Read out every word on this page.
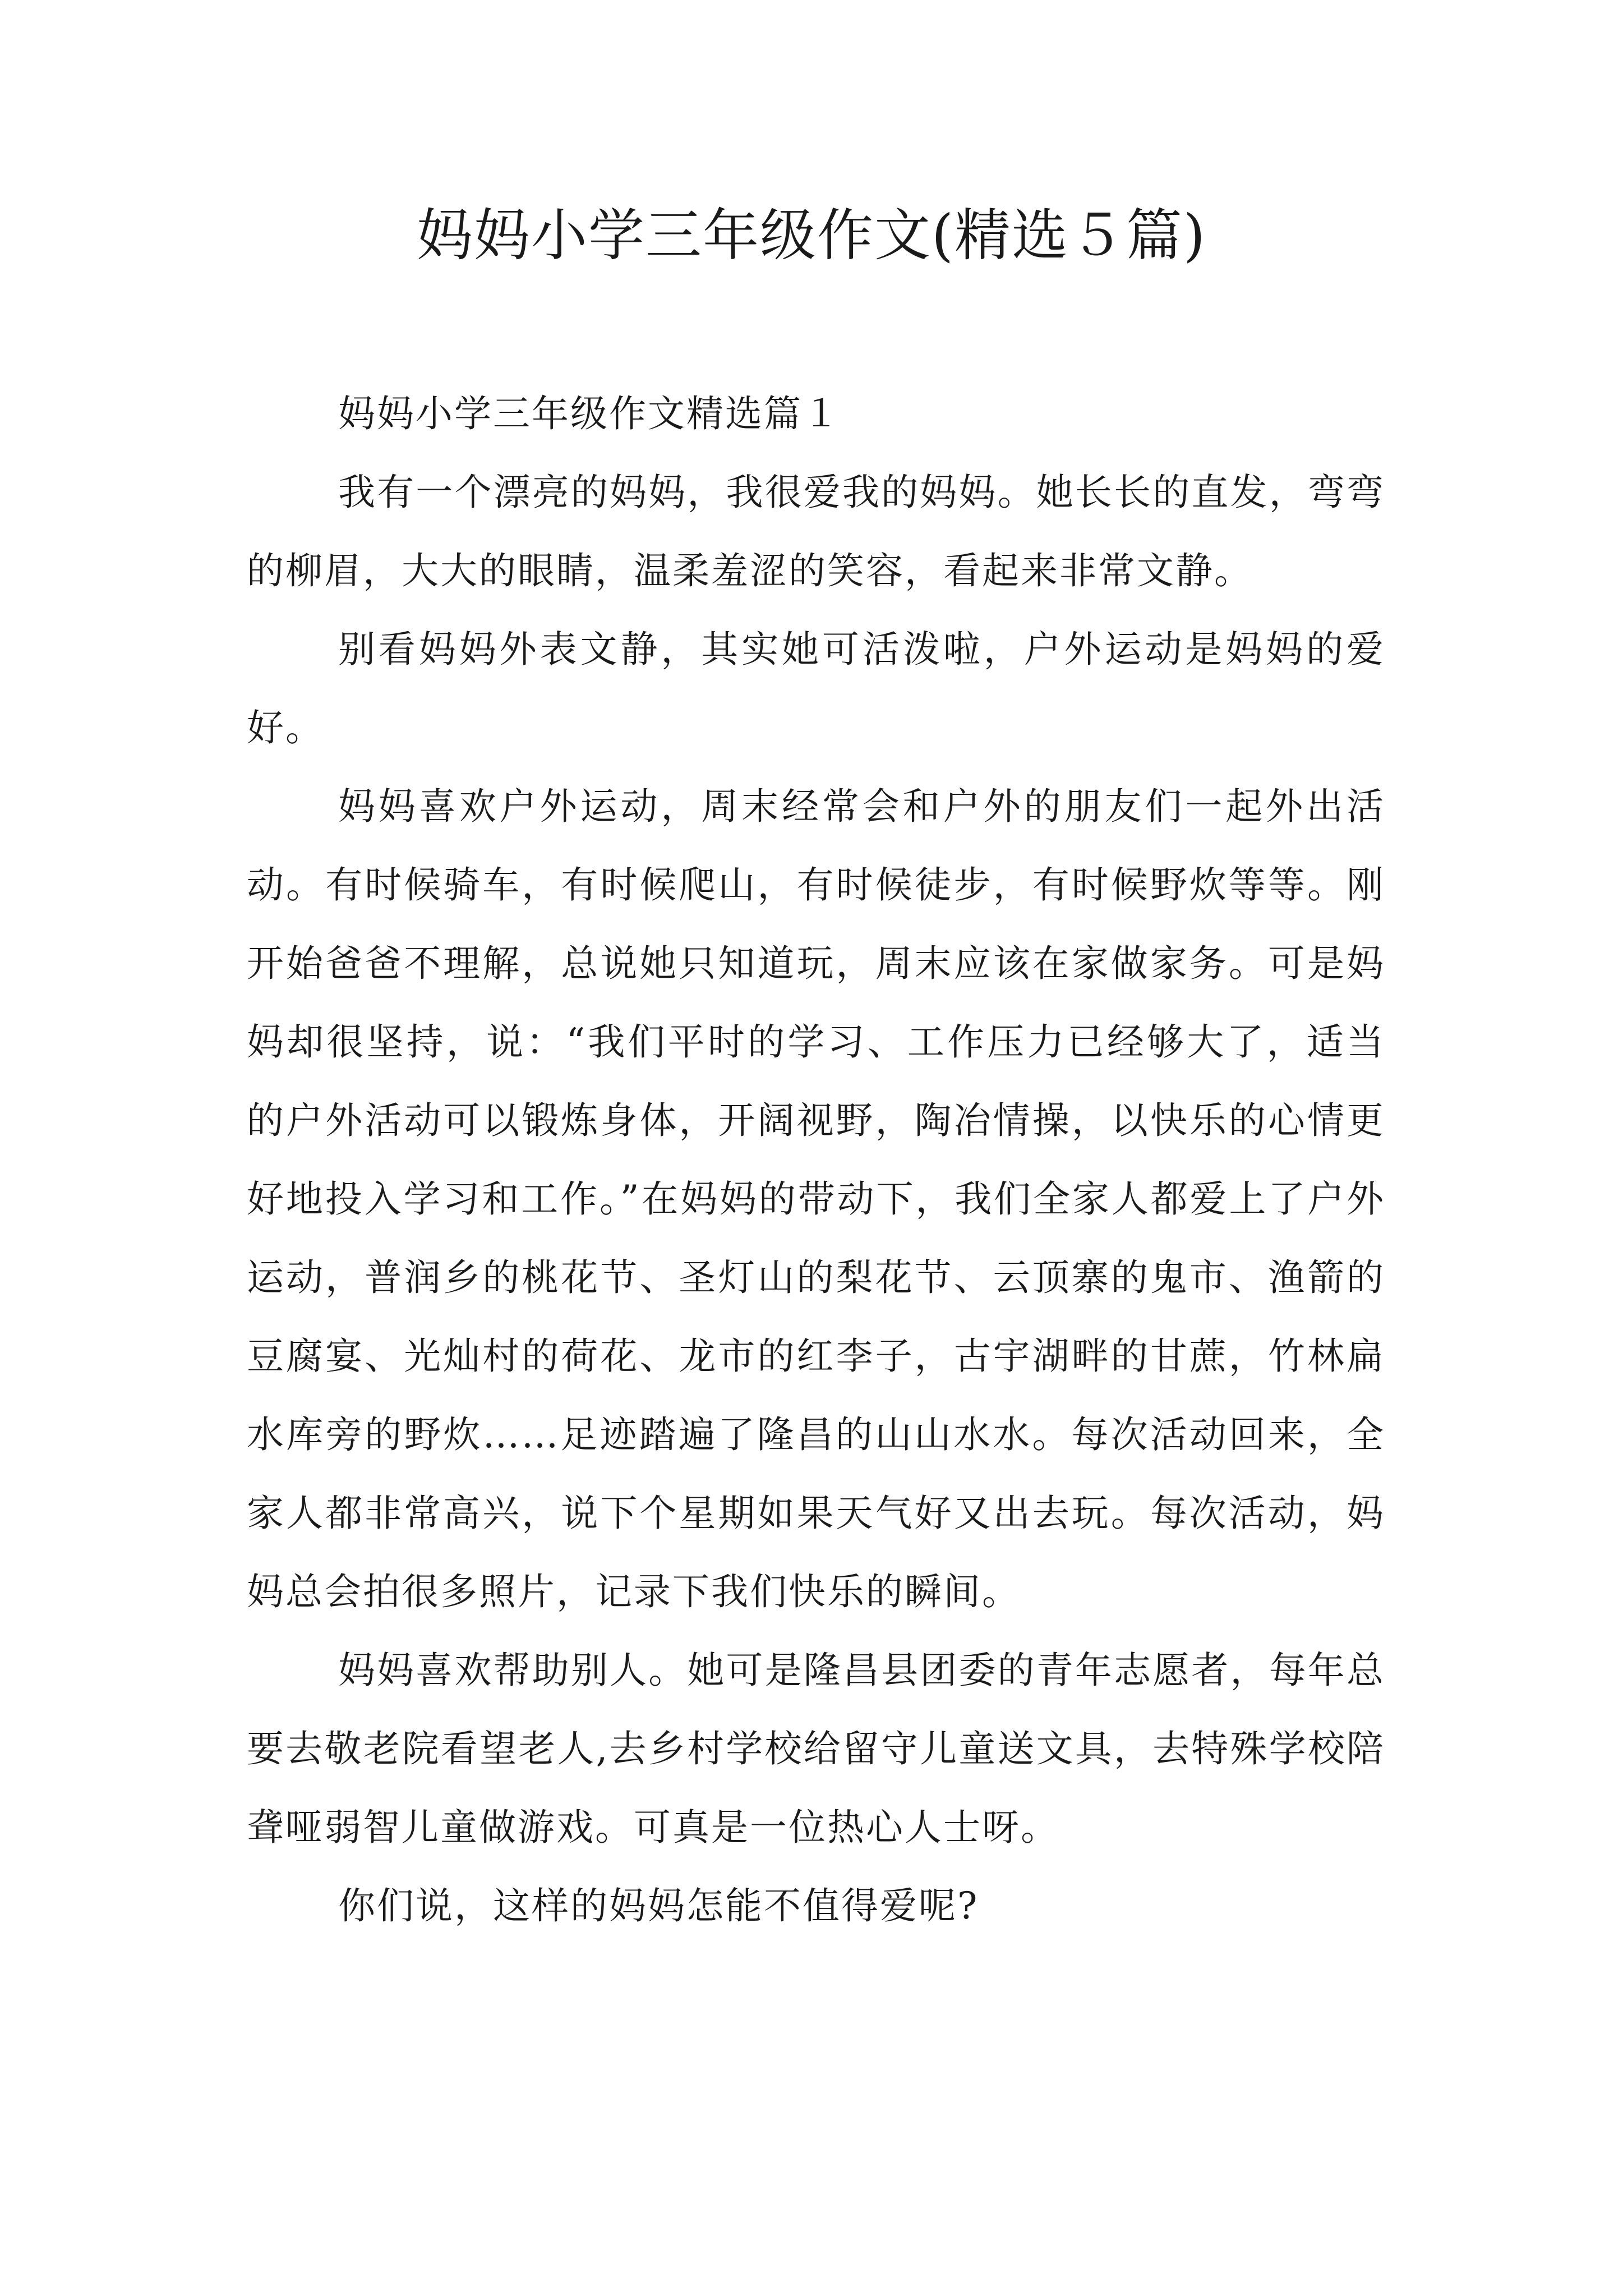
妈妈小学三年级作文(精选５篇)

妈妈小学三年级作文精选篇１

我有一个漂亮的妈妈，我很爱我的妈妈。她长长的直发，弯弯的柳眉，大大的眼睛，温柔羞涩的笑容，看起来非常文静。

别看妈妈外表文静，其实她可活泼啦，户外运动是妈妈的爱好。

妈妈喜欢户外运动，周末经常会和户外的朋友们一起外出活动。有时候骑车，有时候爬山，有时候徒步，有时候野炊等等。刚开始爸爸不理解，总说她只知道玩，周末应该在家做家务。可是妈妈却很坚持，说：“我们平时的学习、工作压力已经够大了，适当的户外活动可以锻炼身体，开阔视野，陶冶情操，以快乐的心情更好地投入学习和工作。”在妈妈的带动下，我们全家人都爱上了户外运动，普润乡的桃花节、圣灯山的梨花节、云顶寨的鬼市、渔箭的豆腐宴、光灿村的荷花、龙市的红李子，古宇湖畔的甘蔗，竹林扁水库旁的野炊……足迹踏遍了隆昌的山山水水。每次活动回来，全家人都非常高兴，说下个星期如果天气好又出去玩。每次活动，妈妈总会拍很多照片，记录下我们快乐的瞬间。

妈妈喜欢帮助别人。她可是隆昌县团委的青年志愿者，每年总要去敬老院看望老人,去乡村学校给留守儿童送文具，去特殊学校陪聋哑弱智儿童做游戏。可真是一位热心人士呀。

你们说，这样的妈妈怎能不值得爱呢?
